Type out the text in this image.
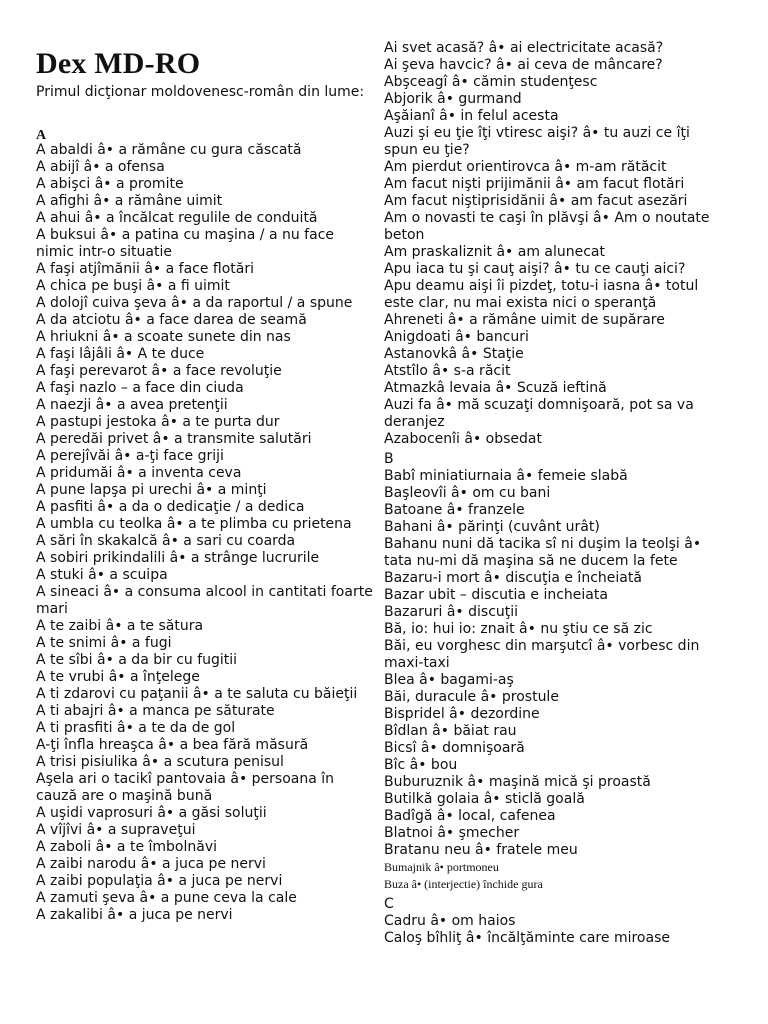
Dex MD-RO
Primul dicţionar moldovenesc-român din lume:
A
A abaldi â• a rămâne cu gura căscată
A abijî â• a ofensa
A abişci â• a promite
A afighi â• a rămâne uimit
A ahui â• a încălcat regulile de conduită
A buksui â• a patina cu maşina / a nu face nimic intr-o situatie
A faşi atjîmănii â• a face flotări
A chica pe buşi â• a fi uimit
A dolojî cuiva şeva â• a da raportul / a spune
A da atciotu â• a face darea de seamă
A hriukni â• a scoate sunete din nas
A faşi lâjâli â• A te duce
A faşi perevarot â• a face revoluţie
A faşi nazlo – a face din ciuda
A naezji â• a avea pretenţii
A pastupi jestoka â• a te purta dur
A peredăi privet â• a transmite salutări
A perejîvăi â• a-ţi face griji
A pridumăi â• a inventa ceva
A pune lapşa pi urechi â• a minţi
A pasfiti â• a da o dedicaţie / a dedica
A umbla cu teolka â• a te plimba cu prietena
A sări în skakalcă â• a sari cu coarda
A sobiri prikindalili â• a strânge lucrurile
A stuki â• a scuipa
A sineaci â• a consuma alcool in cantitati foarte mari
A te zaibi â• a te sătura
A te snimi â• a fugi
A te sîbi â• a da bir cu fugitii
A te vrubi â• a înţelege
A ti zdarovi cu paţanii â• a te saluta cu băieţii
A ti abajri â• a manca pe săturate
A ti prasfiti â• a te da de gol
A-ţi înfla hreaşca â• a bea fără măsură
A trisi pisiulika â• a scutura penisul
Aşela ari o tacikî pantovaia â• persoana în cauză are o maşină bună
A uşidi vaprosuri â• a găsi soluţii
A vîjîvi â• a supraveţui
A zaboli â• a te îmbolnăvi
A zaibi narodu â• a juca pe nervi
A zaibi populaţia â• a juca pe nervi
A zamuti şeva â• a pune ceva la cale
A zakalibi â• a juca pe nervi
Ai svet acasă? â• ai electricitate acasă?
Ai şeva havcic? â• ai ceva de mâncare?
Abşceagî â• cămin studenţesc
Abjorik â• gurmand
Aşăianî â• in felul acesta
Auzi şi eu ţie îţi vtiresc aişi? â• tu auzi ce îţi spun eu ţie?
Am pierdut orientirovca â• m-am rătăcit
Am facut nişti prijimănii â• am facut flotări
Am facut niştiprisidănii â• am facut asezări
Am o novasti te caşi în plăvşi â• Am o noutate beton
Am praskaliznit â• am alunecat
Apu iaca tu şi cauţ aişi? â• tu ce cauţi aici?
Apu deamu aişi îi pizdeţ, totu-i iasna â• totul este clar, nu mai exista nici o speranţă
Ahreneti â• a rămâne uimit de supărare
Anigdoati â• bancuri
Astanovkâ â• Staţie
Atstîlo â• s-a răcit
Atmazkâ levaia â• Scuză ieftină
Auzi fa â• mă scuzaţi domnişoară, pot sa va deranjez
Azabocenîi â• obsedat
B
Babî miniatiurnaia â• femeie slabă
Başleovîi â• om cu bani
Batoane â• franzele
Bahani â• părinţi (cuvânt urât)
Bahanu nuni dă tacika sî ni duşim la teolşi â• tata nu-mi dă maşina să ne ducem la fete
Bazaru-i mort â• discuţia e încheiată
Bazar ubit – discutia e incheiata
Bazaruri â• discuţii
Bă, io: hui io: znait â• nu ştiu ce să zic
Băi, eu vorghesc din marşutcî â• vorbesc din maxi-taxi
Blea â• bagami-aş
Băi, duracule â• prostule
Bispridel â• dezordine
Bîdlan â• băiat rau
Bicsî â• domnişoară
Bîc â• bou
Buburuznik â• maşină mică şi proastă
Butilkă golaia â• sticlă goală
Badîgă â• local, cafenea
Blatnoi â• şmecher
Bratanu neu â• fratele meu
Bumajnik â• portmoneu
Buza â• (interjectie) închide gura
C
Cadru â• om haios
Caloş bîhliţ â• încălţăminte care miroase
